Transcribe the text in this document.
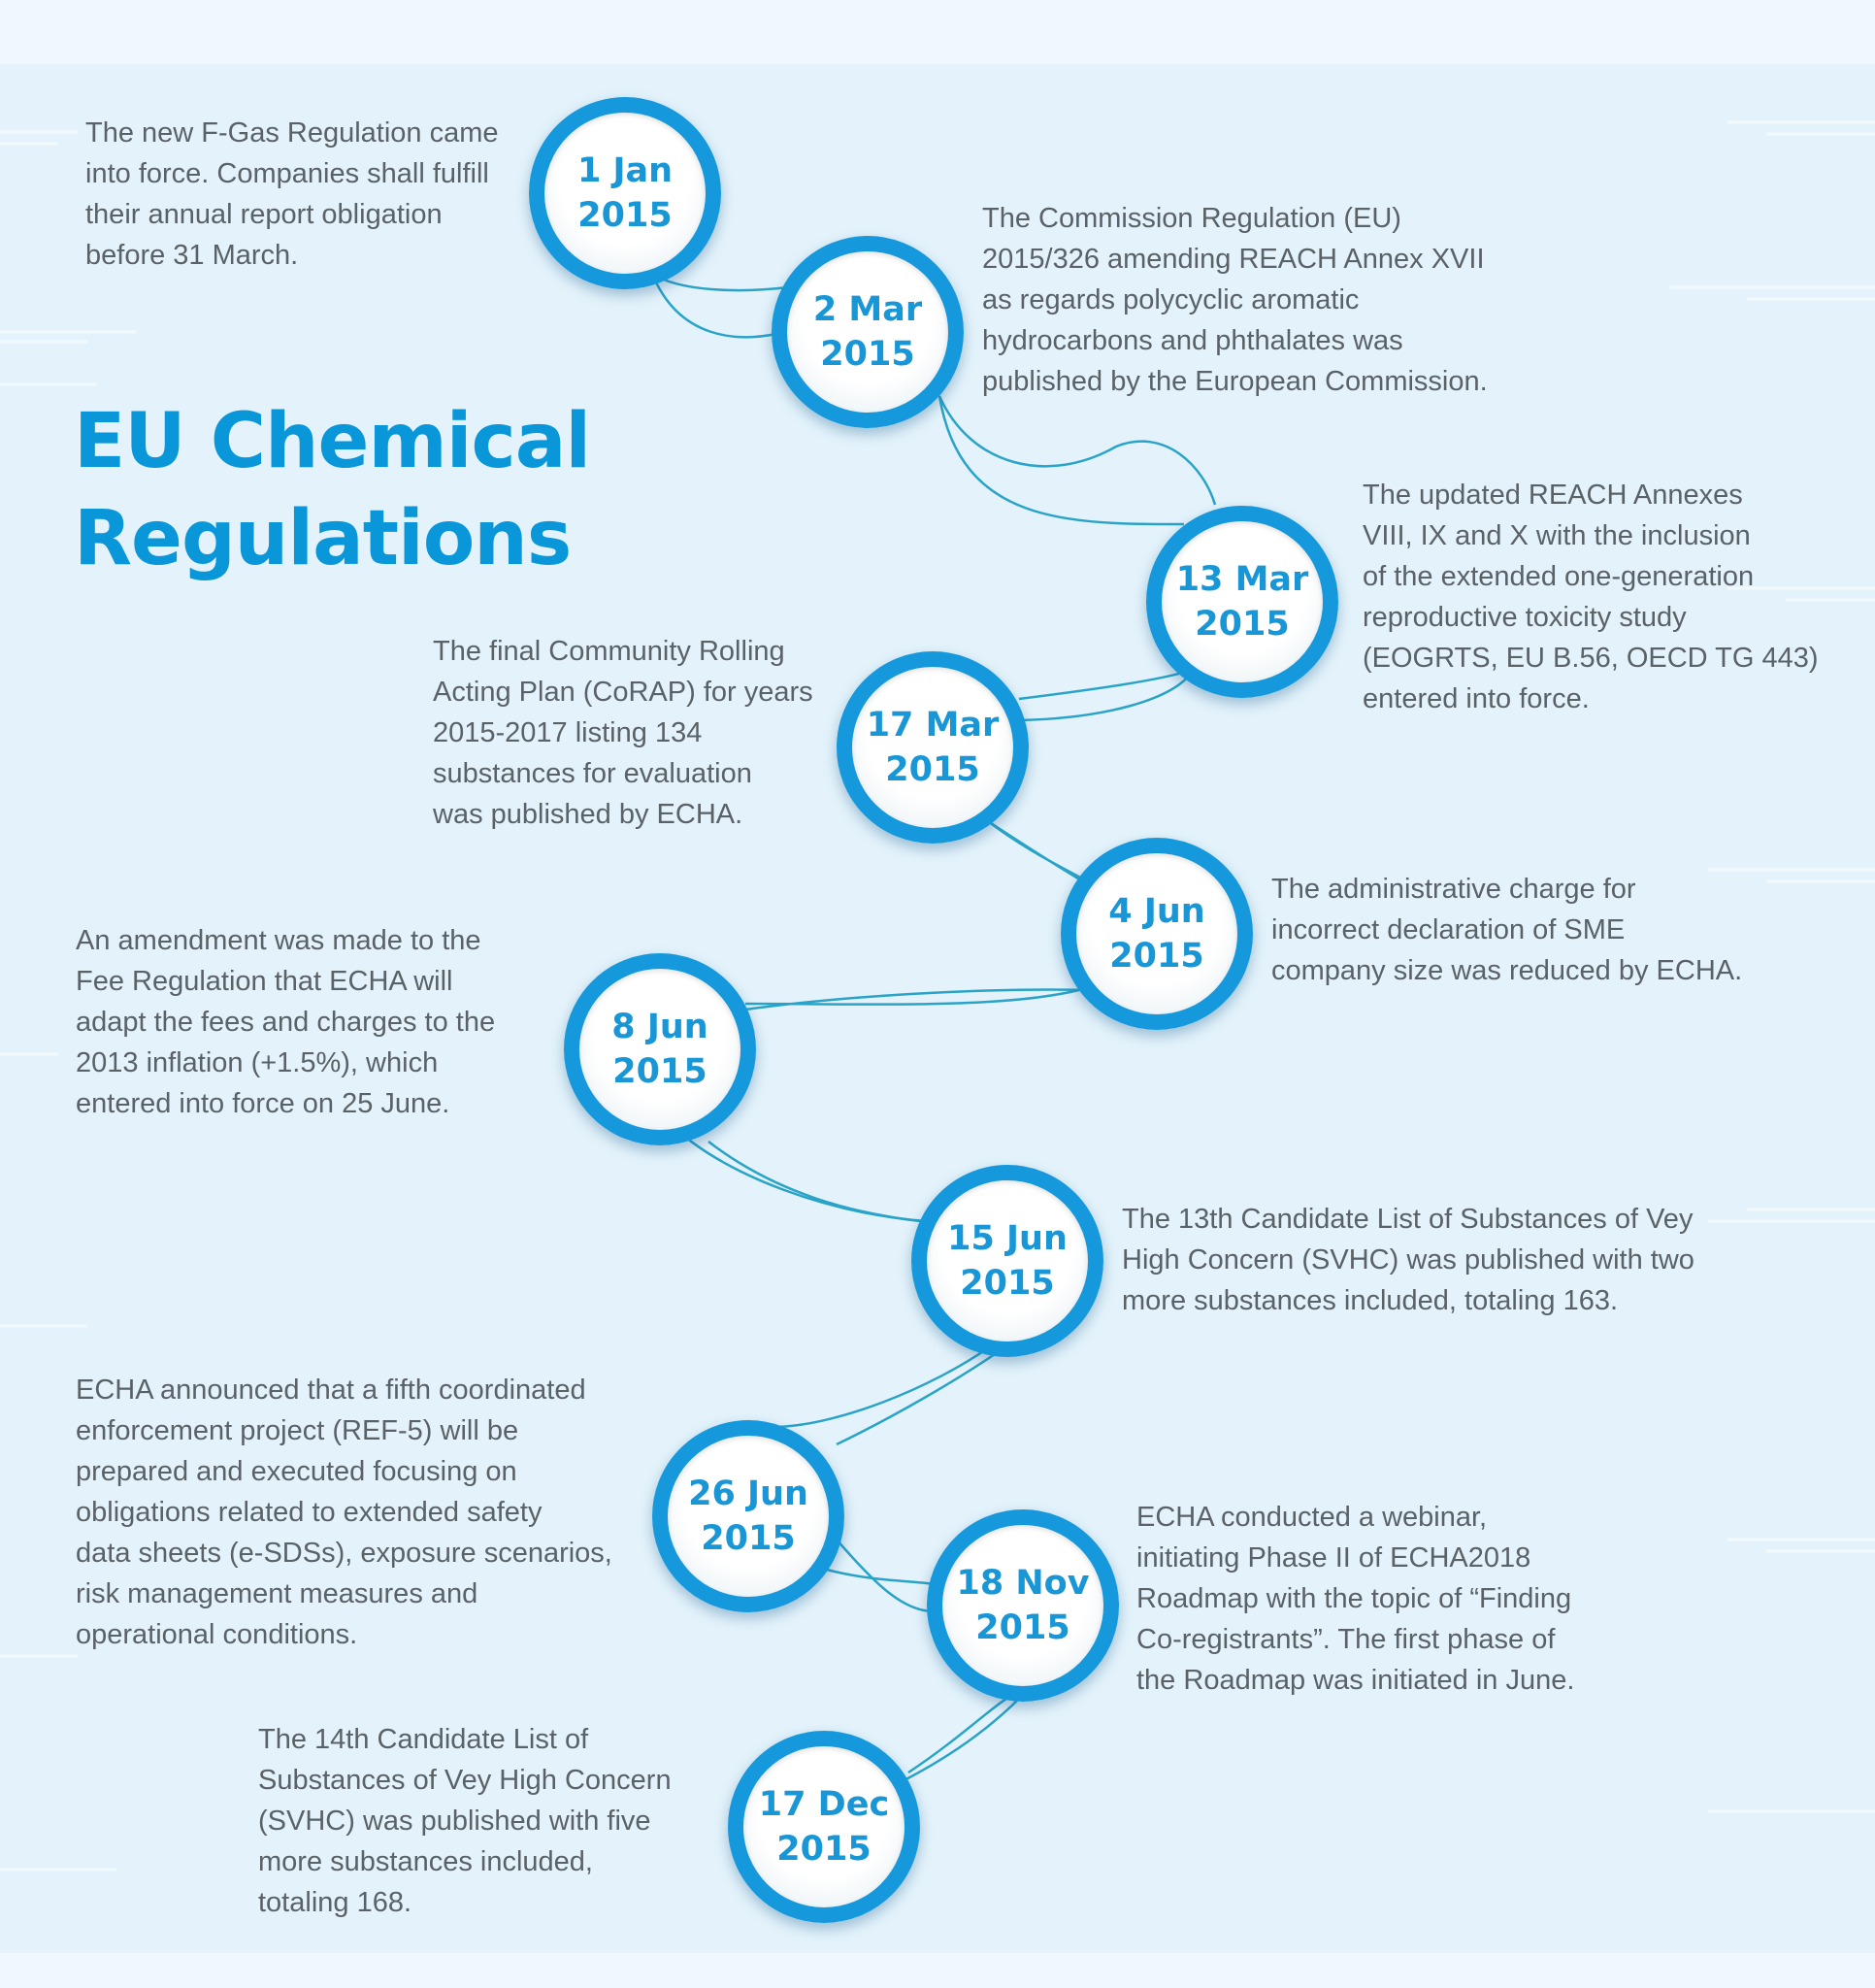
EU Chemical Regulations
1 Jan
2015
2 Mar
2015
13 Mar
2015
17 Mar
2015
4 Jun
2015
8 Jun
2015
15 Jun
2015
26 Jun
2015
18 Nov
2015
17 Dec
2015

The new F-Gas Regulation came
into force. Companies shall fulfill
their annual report obligation
before 31 March.

The Commission Regulation (EU)
2015/326 amending REACH Annex XVII
as regards polycyclic aromatic
hydrocarbons and phthalates was
published by the European Commission.

The updated REACH Annexes
VIII, IX and X with the inclusion
of the extended one-generation
reproductive toxicity study
(EOGRTS, EU B.56, OECD TG 443)
entered into force.

The final Community Rolling
Acting Plan (CoRAP) for years
2015-2017 listing 134
substances for evaluation
was published by ECHA.

The administrative charge for
incorrect declaration of SME
company size was reduced by ECHA.

An amendment was made to the
Fee Regulation that ECHA will
adapt the fees and charges to the
2013 inflation (+1.5%), which
entered into force on 25 June.

The 13th Candidate List of Substances of Vey
High Concern (SVHC) was published with two
more substances included, totaling 163.

ECHA announced that a fifth coordinated
enforcement project (REF-5) will be
prepared and executed focusing on
obligations related to extended safety
data sheets (e-SDSs), exposure scenarios,
risk management measures and
operational conditions.

ECHA conducted a webinar,
initiating Phase II of ECHA2018
Roadmap with the topic of “Finding
Co-registrants”. The first phase of
the Roadmap was initiated in June.

The 14th Candidate List of
Substances of Vey High Concern
(SVHC) was published with five
more substances included,
totaling 168.
